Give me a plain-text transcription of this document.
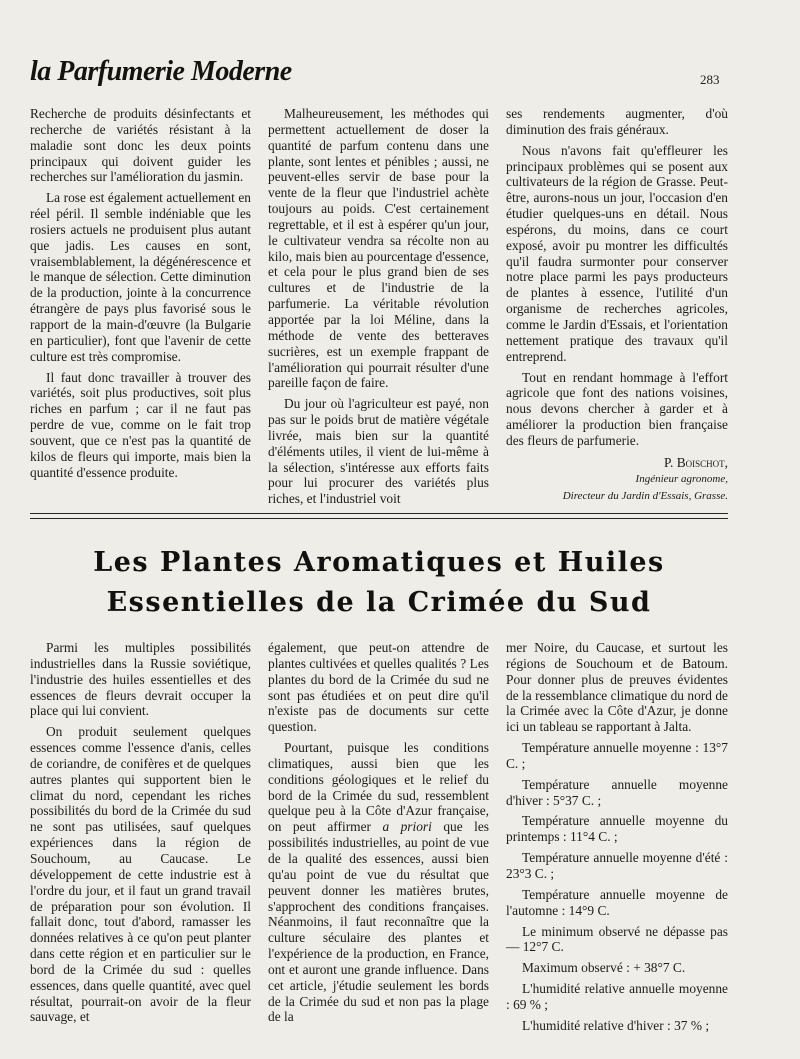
la Parfumerie Moderne	283

Recherche de produits désinfectants et recherche de variétés résistant à la maladie sont donc les deux points principaux qui doivent guider les recherches sur l'amélioration du jasmin.

La rose est également actuellement en réel péril. Il semble indéniable que les rosiers actuels ne produisent plus autant que jadis. Les causes en sont, vraisemblablement, la dégénérescence et le manque de sélection. Cette diminution de la production, jointe à la concurrence étrangère de pays plus favorisé sous le rapport de la main-d'œuvre (la Bulgarie en particulier), font que l'avenir de cette culture est très compromise.

Il faut donc travailler à trouver des variétés, soit plus productives, soit plus riches en parfum ; car il ne faut pas perdre de vue, comme on le fait trop souvent, que ce n'est pas la quantité de kilos de fleurs qui importe, mais bien la quantité d'essence produite.

Malheureusement, les méthodes qui permettent actuellement de doser la quantité de parfum contenu dans une plante, sont lentes et pénibles ; aussi, ne peuvent-elles servir de base pour la vente de la fleur que l'industriel achète toujours au poids. C'est certainement regrettable, et il est à espérer qu'un jour, le cultivateur vendra sa récolte non au kilo, mais bien au pourcentage d'essence, et cela pour le plus grand bien de ses cultures et de l'industrie de la parfumerie. La véritable révolution apportée par la loi Méline, dans la méthode de vente des betteraves sucrières, est un exemple frappant de l'amélioration qui pourrait résulter d'une pareille façon de faire.

Du jour où l'agriculteur est payé, non pas sur le poids brut de matière végétale livrée, mais bien sur la quantité d'éléments utiles, il vient de lui-même à la sélection, s'intéresse aux efforts faits pour lui procurer des variétés plus riches, et l'industriel voit

ses rendements augmenter, d'où diminution des frais généraux.

Nous n'avons fait qu'effleurer les principaux problèmes qui se posent aux cultivateurs de la région de Grasse. Peut-être, aurons-nous un jour, l'occasion d'en étudier quelques-uns en détail. Nous espérons, du moins, dans ce court exposé, avoir pu montrer les difficultés qu'il faudra surmonter pour conserver notre place parmi les pays producteurs de plantes à essence, l'utilité d'un organisme de recherches agricoles, comme le Jardin d'Essais, et l'orientation nettement pratique des travaux qu'il entreprend.

Tout en rendant hommage à l'effort agricole que font des nations voisines, nous devons chercher à garder et à améliorer la production bien française des fleurs de parfumerie.

P. Boischot,
Ingénieur agronome,
Directeur du Jardin d'Essais, Grasse.
Les Plantes Aromatiques et Huiles
Essentielles de la Crimée du Sud

Parmi les multiples possibilités industrielles dans la Russie soviétique, l'industrie des huiles essentielles et des essences de fleurs devrait occuper la place qui lui convient.

On produit seulement quelques essences comme l'essence d'anis, celles de coriandre, de conifères et de quelques autres plantes qui supportent bien le climat du nord, cependant les riches possibilités du bord de la Crimée du sud ne sont pas utilisées, sauf quelques expériences dans la région de Souchoum, au Caucase. Le développement de cette industrie est à l'ordre du jour, et il faut un grand travail de préparation pour son évolution. Il fallait donc, tout d'abord, ramasser les données relatives à ce qu'on peut planter dans cette région et en particulier sur le bord de la Crimée du sud : quelles essences, dans quelle quantité, avec quel résultat, pourrait-on avoir de la fleur sauvage, et

également, que peut-on attendre de plantes cultivées et quelles qualités ? Les plantes du bord de la Crimée du sud ne sont pas étudiées et on peut dire qu'il n'existe pas de documents sur cette question.

Pourtant, puisque les conditions climatiques, aussi bien que les conditions géologiques et le relief du bord de la Crimée du sud, ressemblent quelque peu à la Côte d'Azur française, on peut affirmer a priori que les possibilités industrielles, au point de vue de la qualité des essences, aussi bien qu'au point de vue du résultat que peuvent donner les matières brutes, s'approchent des conditions françaises. Néanmoins, il faut reconnaître que la culture séculaire des plantes et l'expérience de la production, en France, ont et auront une grande influence. Dans cet article, j'étudie seulement les bords de la Crimée du sud et non pas la plage de la

mer Noire, du Caucase, et surtout les régions de Souchoum et de Batoum. Pour donner plus de preuves évidentes de la ressemblance climatique du nord de la Crimée avec la Côte d'Azur, je donne ici un tableau se rapportant à Jalta.

Température annuelle moyenne : 13°7 C. ;

Température annuelle moyenne d'hiver : 5°37 C. ;

Température annuelle moyenne du printemps : 11°4 C. ;

Température annuelle moyenne d'été : 23°3 C. ;

Température annuelle moyenne de l'automne : 14°9 C.

Le minimum observé ne dépasse pas — 12°7 C.

Maximum observé : + 38°7 C.

L'humidité relative annuelle moyenne : 69 % ;

L'humidité relative d'hiver : 37 % ;
